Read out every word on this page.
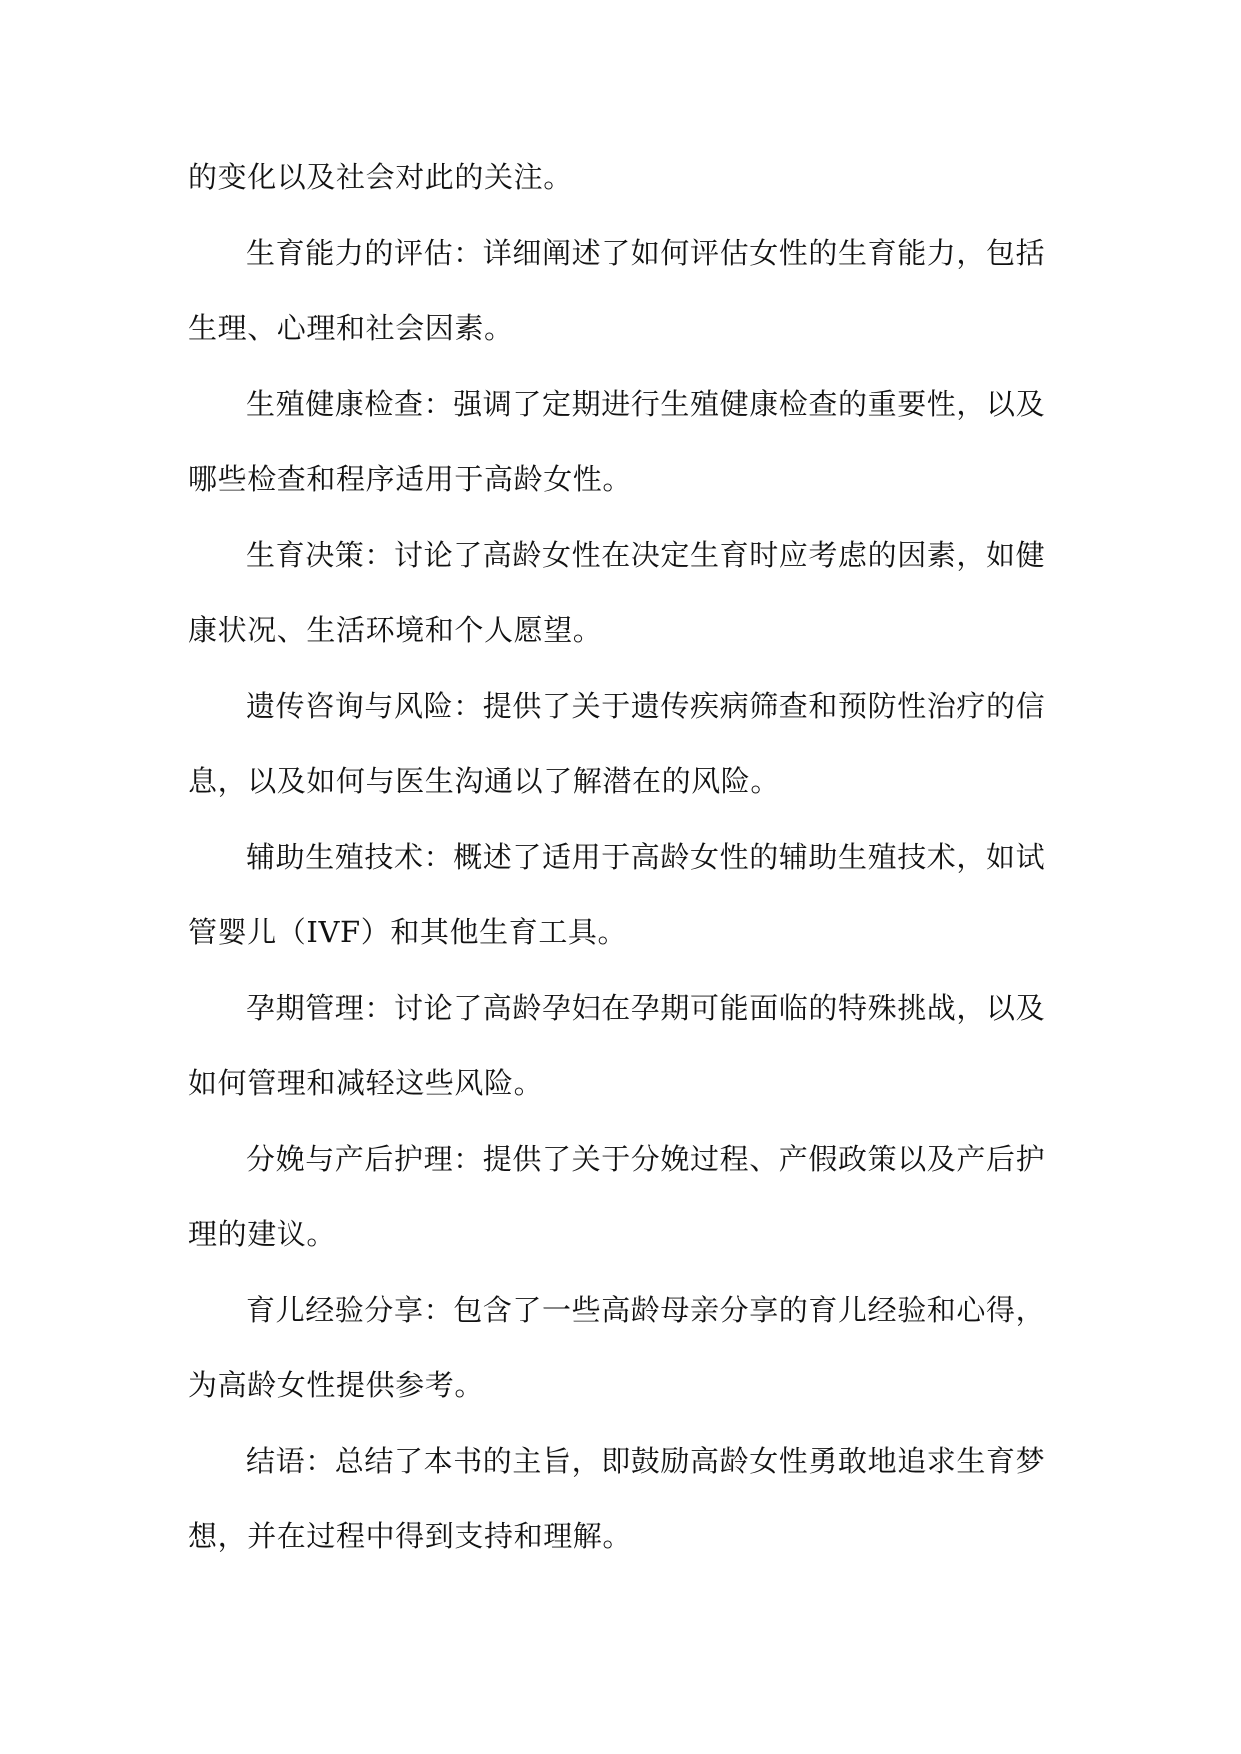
的变化以及社会对此的关注。

生育能力的评估：详细阐述了如何评估女性的生育能力，包括生理、心理和社会因素。

生殖健康检查：强调了定期进行生殖健康检查的重要性，以及哪些检查和程序适用于高龄女性。

生育决策：讨论了高龄女性在决定生育时应考虑的因素，如健康状况、生活环境和个人愿望。

遗传咨询与风险：提供了关于遗传疾病筛查和预防性治疗的信息，以及如何与医生沟通以了解潜在的风险。

辅助生殖技术：概述了适用于高龄女性的辅助生殖技术，如试管婴儿（IVF）和其他生育工具。

孕期管理：讨论了高龄孕妇在孕期可能面临的特殊挑战，以及如何管理和减轻这些风险。

分娩与产后护理：提供了关于分娩过程、产假政策以及产后护理的建议。

育儿经验分享：包含了一些高龄母亲分享的育儿经验和心得，为高龄女性提供参考。

结语：总结了本书的主旨，即鼓励高龄女性勇敢地追求生育梦想，并在过程中得到支持和理解。
